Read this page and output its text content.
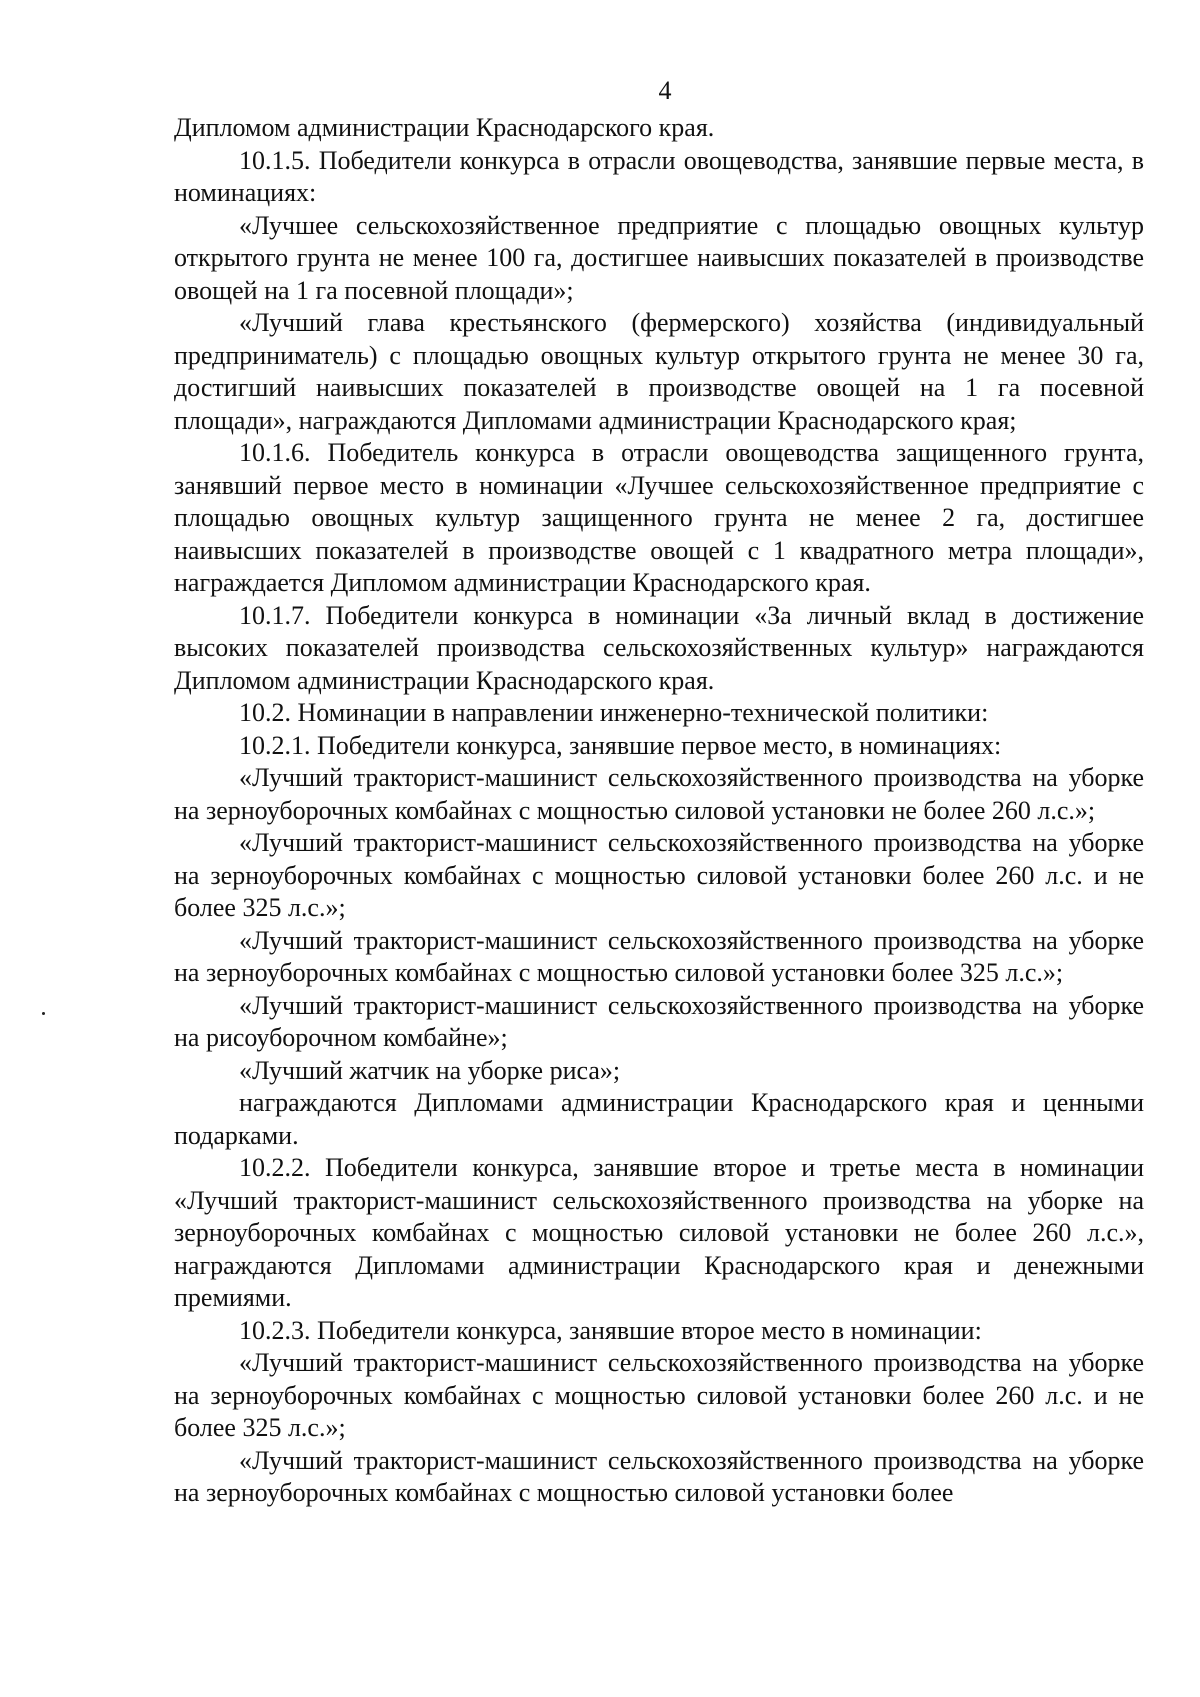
4

Дипломом администрации Краснодарского края.

10.1.5. Победители конкурса в отрасли овощеводства, занявшие первые места, в номинациях:

«Лучшее сельскохозяйственное предприятие с площадью овощных культур открытого грунта не менее 100 га, достигшее наивысших показателей в производстве овощей на 1 га посевной площади»;

«Лучший глава крестьянского (фермерского) хозяйства (индивидуальный предприниматель) с площадью овощных культур открытого грунта не менее 30 га, достигший наивысших показателей в производстве овощей на 1 га посевной площади», награждаются Дипломами администрации Краснодарского края;

10.1.6. Победитель конкурса в отрасли овощеводства защищенного грунта, занявший первое место в номинации «Лучшее сельскохозяйственное предприятие с площадью овощных культур защищенного грунта не менее 2 га, достигшее наивысших показателей в производстве овощей с 1 квадратного метра площади», награждается Дипломом администрации Краснодарского края.

10.1.7. Победители конкурса в номинации «За личный вклад в достижение высоких показателей производства сельскохозяйственных культур» награждаются Дипломом администрации Краснодарского края.

10.2. Номинации в направлении инженерно-технической политики:

10.2.1. Победители конкурса, занявшие первое место, в номинациях:

«Лучший тракторист-машинист сельскохозяйственного производства на уборке на зерноуборочных комбайнах с мощностью силовой установки не более 260 л.с.»;

«Лучший тракторист-машинист сельскохозяйственного производства на уборке на зерноуборочных комбайнах с мощностью силовой установки более 260 л.с. и не более 325 л.с.»;

«Лучший тракторист-машинист сельскохозяйственного производства на уборке на зерноуборочных комбайнах с мощностью силовой установки более 325 л.с.»;

«Лучший тракторист-машинист сельскохозяйственного производства на уборке на рисоуборочном комбайне»;

«Лучший жатчик на уборке риса»;

награждаются Дипломами администрации Краснодарского края и ценными подарками.

10.2.2. Победители конкурса, занявшие второе и третье места в номинации «Лучший тракторист-машинист сельскохозяйственного производства на уборке на зерноуборочных комбайнах с мощностью силовой установки не более 260 л.с.», награждаются Дипломами администрации Краснодарского края и денежными премиями.

10.2.3. Победители конкурса, занявшие второе место в номинации:

«Лучший тракторист-машинист сельскохозяйственного производства на уборке на зерноуборочных комбайнах с мощностью силовой установки более 260 л.с. и не более 325 л.с.»;

«Лучший тракторист-машинист сельскохозяйственного производства на уборке на зерноуборочных комбайнах с мощностью силовой установки более
